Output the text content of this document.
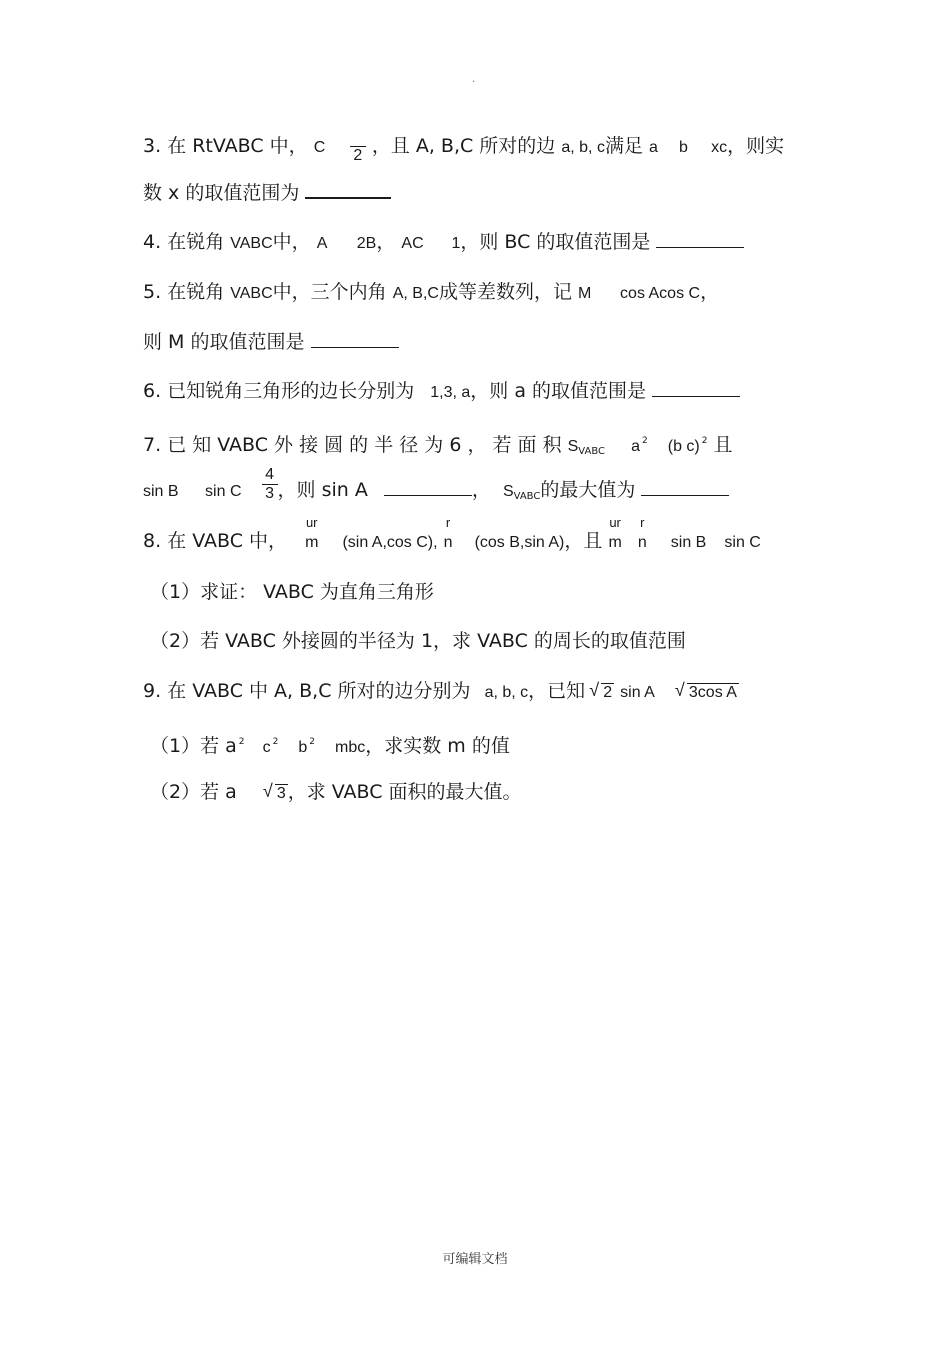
.
3. 在 RtVABC 中， C 2 ，且 A, B,C 所对的边 a, b, c满足 a b xc，则实
数 x 的取值范围为
4. 在锐角 VABC中， A 2B， AC 1，则 BC 的取值范围是
5. 在锐角 VABC中，三个内角 A, B,C成等差数列，记 M cos Acos C，
则 M 的取值范围是
6. 已知锐角三角形的边长分别为 1,3, a，则 a 的取值范围是
7. 已 知 VABC 外 接 圆 的 半 径 为 6 ， 若 面 积 $S_{VABC}$ a $^2$ (b c) $^2$ 且
sin B sin C $\frac{4}{3}$ ，则 sin A	， $S_{VABC}$的最大值为
8. 在 VABC 中，
ur
m (sin A,cos C),
r
n (cos B,sin A)，且
ur
m
r
n sin B sin C
（1）求证： VABC 为直角三角形
（2）若 VABC 外接圆的半径为 1，求 VABC 的周长的取值范围
9. 在 VABC 中 A, B,C 所对的边分别为 a, b, c，已知 √ 2 sin A √ 3cos A
（1）若 a $^2$ c $^2$ b $^2$ mbc，求实数 m 的值
（2）若 a	√ 3 ，求 VABC 面积的最大值。
可编辑文档
